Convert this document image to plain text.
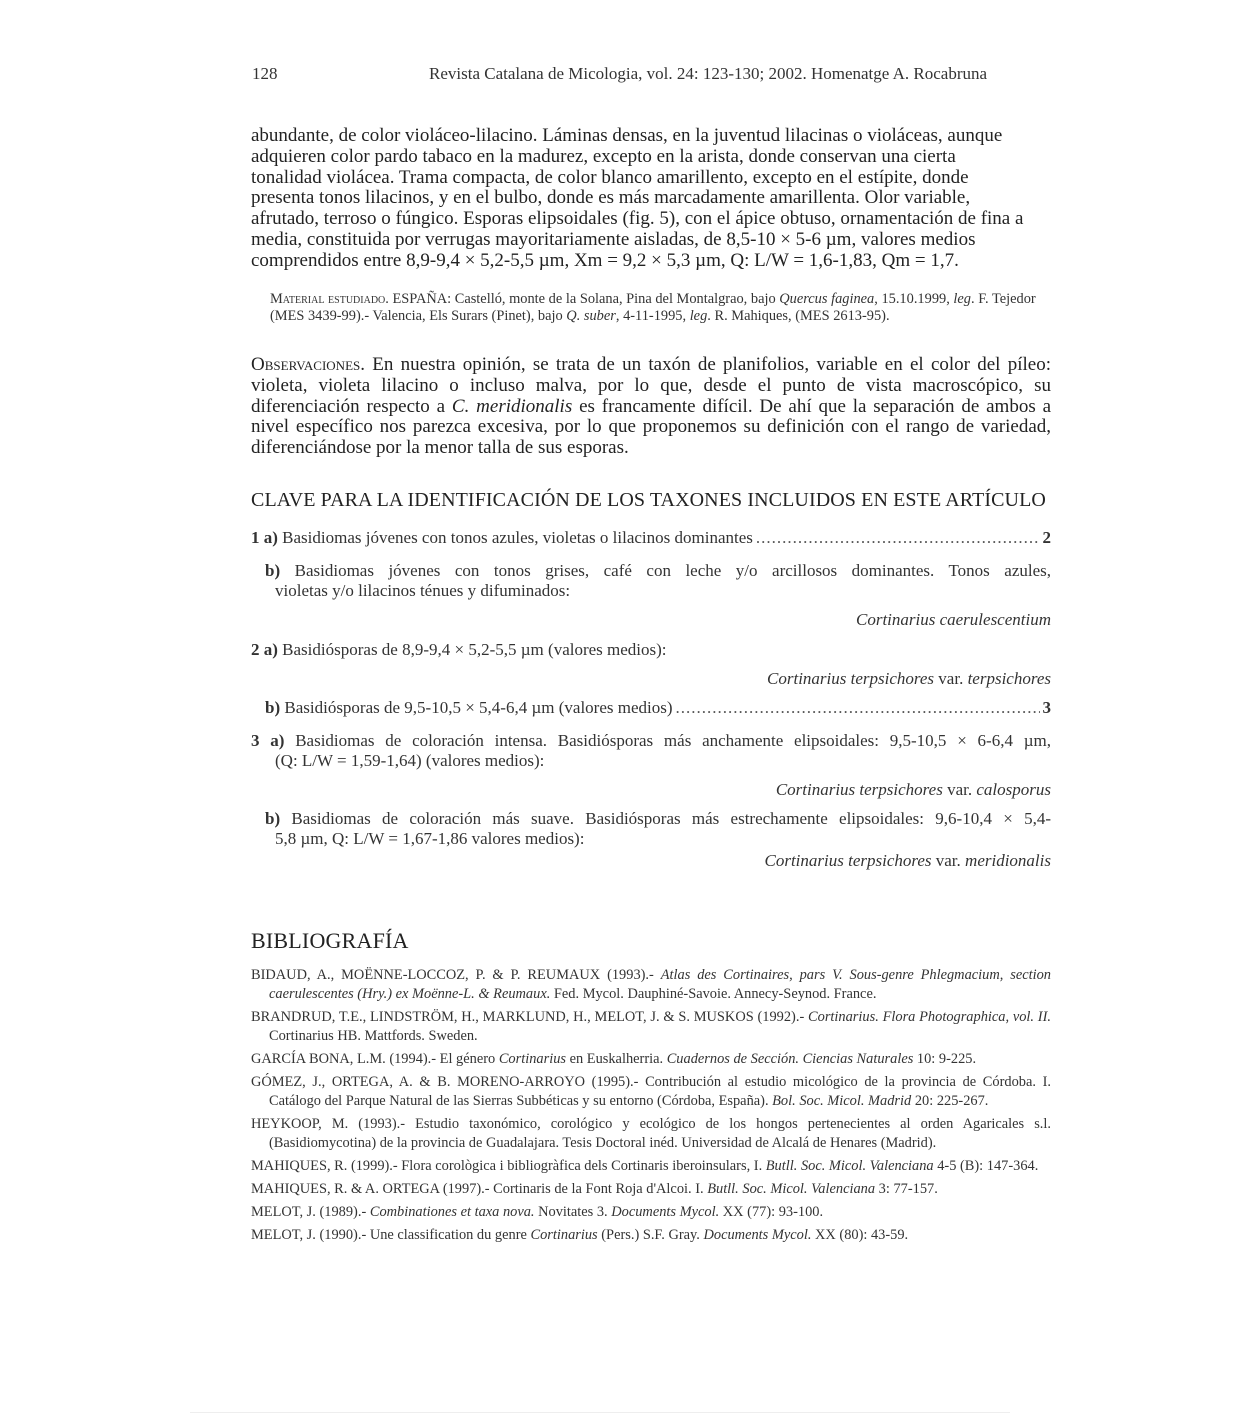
128	Revista Catalana de Micologia, vol. 24: 123-130; 2002. Homenatge A. Rocabruna
abundante, de color violáceo-lilacino. Láminas densas, en la juventud lilacinas o violáceas, aunque
adquieren color pardo tabaco en la madurez, excepto en la arista, donde conservan una cierta
tonalidad violácea. Trama compacta, de color blanco amarillento, excepto en el estípite, donde
presenta tonos lilacinos, y en el bulbo, donde es más marcadamente amarillenta. Olor variable,
afrutado, terroso o fúngico. Esporas elipsoidales (fig. 5), con el ápice obtuso, ornamentación de fina a
media, constituida por verrugas mayoritariamente aisladas, de 8,5-10 × 5-6 µm, valores medios
comprendidos entre 8,9-9,4 × 5,2-5,5 µm, Xm = 9,2 × 5,3 µm, Q: L/W = 1,6-1,83, Qm = 1,7.
Material estudiado. ESPAÑA: Castelló, monte de la Solana, Pina del Montalgrao, bajo Quercus faginea, 15.10.1999, leg. F. Tejedor (MES 3439-99).- Valencia, Els Surars (Pinet), bajo Q. suber, 4-11-1995, leg. R. Mahiques, (MES 2613-95).
Observaciones. En nuestra opinión, se trata de un taxón de planifolios, variable en el color del píleo: violeta, violeta lilacino o incluso malva, por lo que, desde el punto de vista macroscópico, su diferenciación respecto a C. meridionalis es francamente difícil. De ahí que la separación de ambos a nivel específico nos parezca excesiva, por lo que proponemos su definición con el rango de variedad, diferenciándose por la menor talla de sus esporas.
CLAVE PARA LA IDENTIFICACIÓN DE LOS TAXONES INCLUIDOS EN ESTE ARTÍCULO
1 a) Basidiomas jóvenes con tonos azules, violetas o lilacinos dominantes .....	2
b) Basidiomas jóvenes con tonos grises, café con leche y/o arcillosos dominantes. Tonos azules,
violetas y/o lilacinos ténues y difuminados:
Cortinarius caerulescentium
2 a) Basidiósporas de 8,9-9,4 × 5,2-5,5 µm (valores medios):
Cortinarius terpsichores var. terpsichores
b) Basidiósporas de 9,5-10,5 × 5,4-6,4 µm (valores medios) .....	3
3 a) Basidiomas de coloración intensa. Basidiósporas más anchamente elipsoidales: 9,5-10,5 × 6-6,4 µm,
(Q: L/W = 1,59-1,64) (valores medios):
Cortinarius terpsichores var. calosporus
b) Basidiomas de coloración más suave. Basidiósporas más estrechamente elipsoidales: 9,6-10,4 × 5,4-
5,8 µm, Q: L/W = 1,67-1,86 valores medios):
Cortinarius terpsichores var. meridionalis
BIBLIOGRAFÍA
BIDAUD, A., MOËNNE-LOCCOZ, P. & P. REUMAUX (1993).- Atlas des Cortinaires, pars V. Sous-genre Phlegmacium, section caerulescentes (Hry.) ex Moënne-L. & Reumaux. Fed. Mycol. Dauphiné-Savoie. Annecy-Seynod. France.
BRANDRUD, T.E., LINDSTRÖM, H., MARKLUND, H., MELOT, J. & S. MUSKOS (1992).- Cortinarius. Flora Photographica, vol. II. Cortinarius HB. Mattfords. Sweden.
GARCÍA BONA, L.M. (1994).- El género Cortinarius en Euskalherria. Cuadernos de Sección. Ciencias Naturales 10: 9-225.
GÓMEZ, J., ORTEGA, A. & B. MORENO-ARROYO (1995).- Contribución al estudio micológico de la provincia de Córdoba. I. Catálogo del Parque Natural de las Sierras Subbéticas y su entorno (Córdoba, España). Bol. Soc. Micol. Madrid 20: 225-267.
HEYKOOP, M. (1993).- Estudio taxonómico, corológico y ecológico de los hongos pertenecientes al orden Agaricales s.l. (Basidiomycotina) de la provincia de Guadalajara. Tesis Doctoral inéd. Universidad de Alcalá de Henares (Madrid).
MAHIQUES, R. (1999).- Flora corològica i bibliogràfica dels Cortinaris iberoinsulars, I. Butll. Soc. Micol. Valenciana 4-5 (B): 147-364.
MAHIQUES, R. & A. ORTEGA (1997).- Cortinaris de la Font Roja d'Alcoi. I. Butll. Soc. Micol. Valenciana 3: 77-157.
MELOT, J. (1989).- Combinationes et taxa nova. Novitates 3. Documents Mycol. XX (77): 93-100.
MELOT, J. (1990).- Une classification du genre Cortinarius (Pers.) S.F. Gray. Documents Mycol. XX (80): 43-59.
